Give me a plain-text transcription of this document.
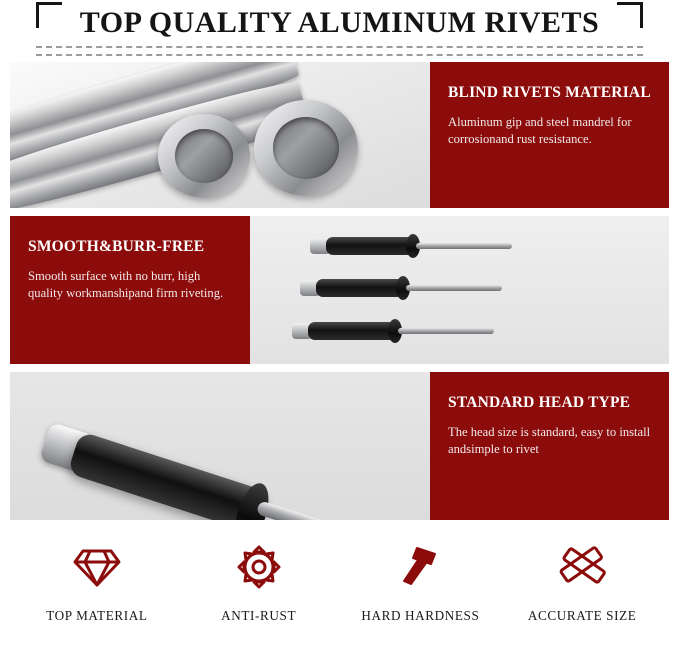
TOP QUALITY ALUMINUM RIVETS
BLIND RIVETS MATERIAL
Aluminum gip and steel mandrel for corrosionand rust resistance.
SMOOTH&BURR-FREE
Smooth surface with no burr, high quality workmanshipand firm riveting.
STANDARD HEAD TYPE
The head size is standard, easy to install andsimple to rivet
TOP MATERIAL	ANTI-RUST	HARD HARDNESS	ACCURATE SIZE
